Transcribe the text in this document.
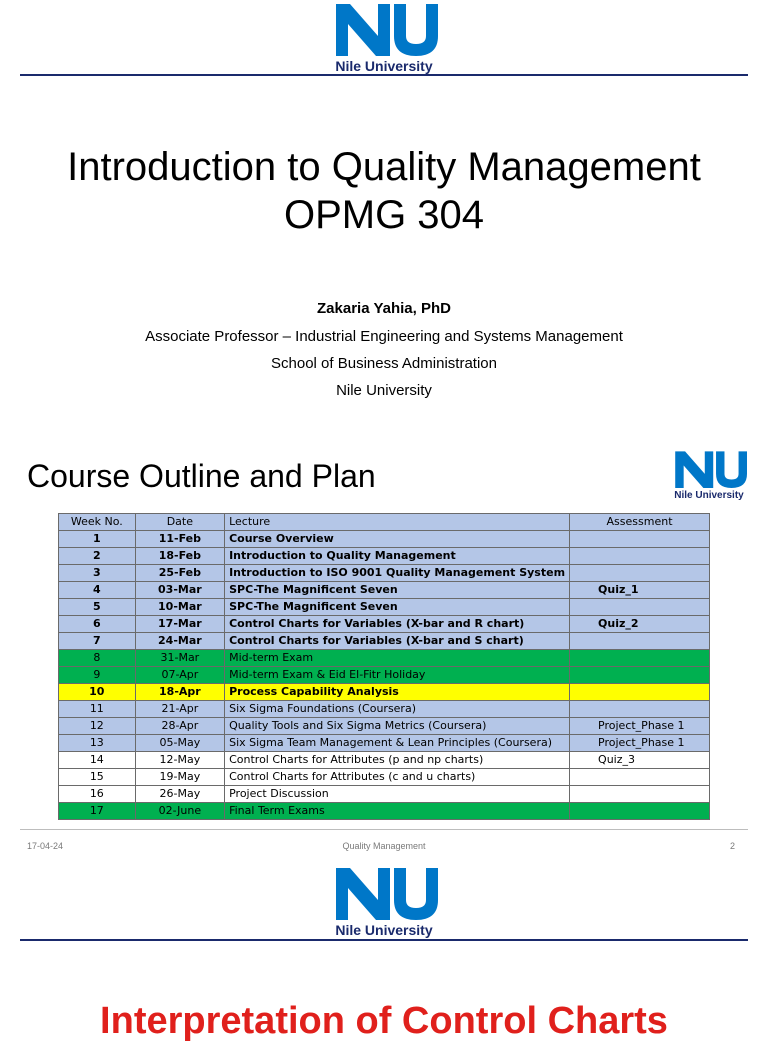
Nile University
Introduction to Quality Management
OPMG 304
Zakaria Yahia, PhD
Associate Professor – Industrial Engineering and Systems Management
School of Business Administration
Nile University
Course Outline and Plan
Nile University
Week No.	Date	Lecture	Assessment
1	11-Feb	Course Overview	
2	18-Feb	Introduction to Quality Management	
3	25-Feb	Introduction to ISO 9001 Quality Management System	
4	03-Mar	SPC-The Magnificent Seven	Quiz_1
5	10-Mar	SPC-The Magnificent Seven	
6	17-Mar	Control Charts for Variables (X-bar and R chart)	Quiz_2
7	24-Mar	Control Charts for Variables (X-bar and S chart)	
8	31-Mar	Mid-term Exam	
9	07-Apr	Mid-term Exam & Eid El-Fitr Holiday	
10	18-Apr	Process Capability Analysis	
11	21-Apr	Six Sigma Foundations (Coursera)	
12	28-Apr	Quality Tools and Six Sigma Metrics (Coursera)	Project_Phase 1
13	05-May	Six Sigma Team Management & Lean Principles (Coursera)	Project_Phase 1
14	12-May	Control Charts for Attributes (p and np charts)	Quiz_3
15	19-May	Control Charts for Attributes (c and u charts)	
16	26-May	Project Discussion	
17	02-June	Final Term Exams	
17-04-24	Quality Management	2
Nile University
Interpretation of Control Charts
